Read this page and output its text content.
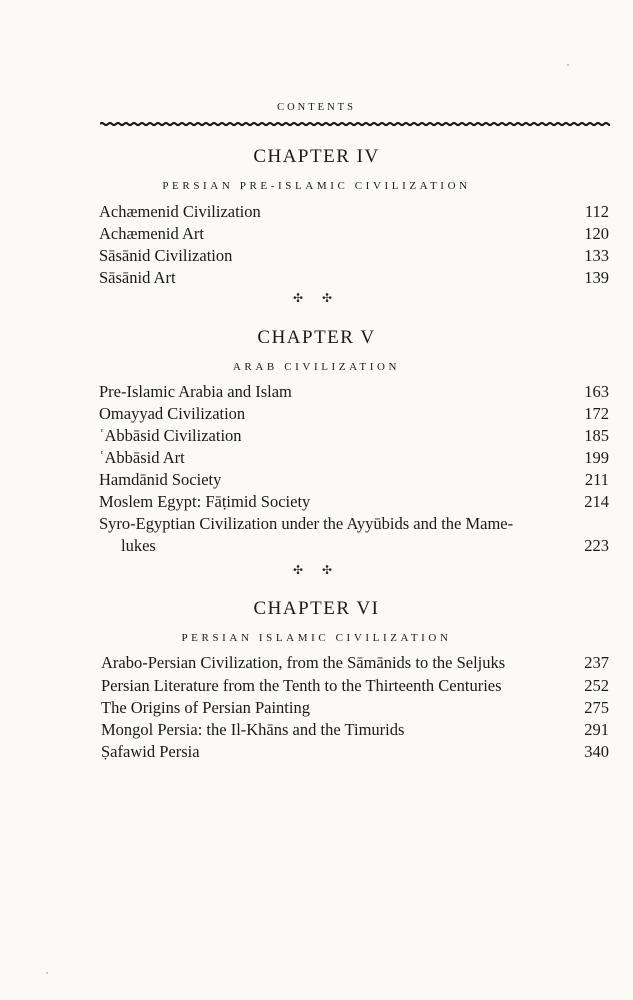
CONTENTS
CHAPTER IV
PERSIAN PRE-ISLAMIC CIVILIZATION
Achæmenid Civilization	112
Achæmenid Art	120
Sāsānid Civilization	133
Sāsānid Art	139
✣ ✣
CHAPTER V
ARAB CIVILIZATION
Pre-Islamic Arabia and Islam	163
Omayyad Civilization	172
ʿAbbāsid Civilization	185
ʿAbbāsid Art	199
Hamdānid Society	211
Moslem Egypt: Fāṭimid Society	214
Syro-Egyptian Civilization under the Ayyūbids and the Mame-
lukes	223
✣ ✣
CHAPTER VI
PERSIAN ISLAMIC CIVILIZATION
Arabo-Persian Civilization, from the Sāmānids to the Seljuks	237
Persian Literature from the Tenth to the Thirteenth Centuries	252
The Origins of Persian Painting	275
Mongol Persia: the Il-Khāns and the Timurids	291
Ṣafawid Persia	340
